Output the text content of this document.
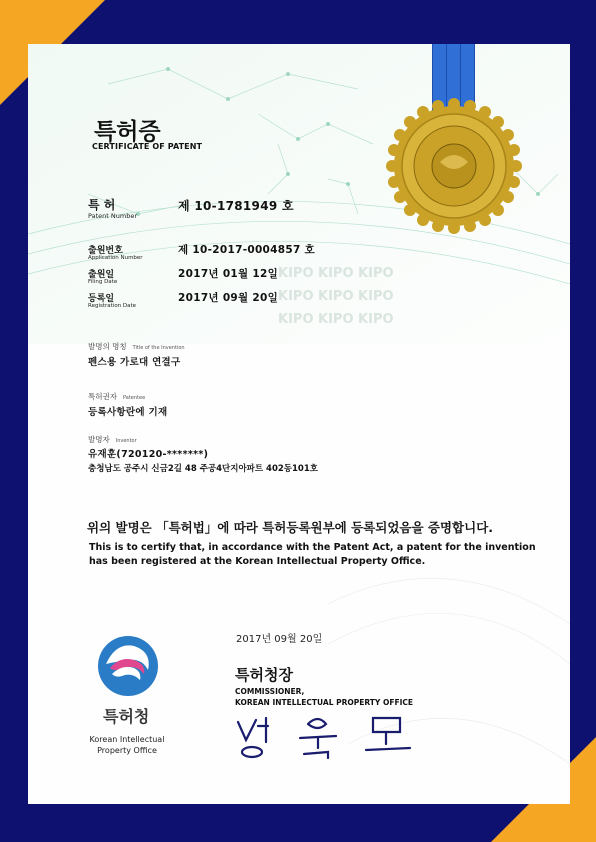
KIPO KIPO KIPO
KIPO KIPO KIPO
KIPO KIPO KIPO
특허증
CERTIFICATE OF PATENT
특 허
Patent Number
제 10-1781949 호
출원번호
Application Number
제 10-2017-0004857 호
출원일
Filing Date
2017년 01월 12일
등록일
Registration Date
2017년 09월 20일
발명의 명칭 Title of the Invention
펜스용 가로대 연결구
특허권자 Patentee
등록사항란에 기재
발명자 Inventor
유재훈(720120-*******)
충청남도 공주시 신금2길 48 주공4단지아파트 402동101호
위의 발명은 「특허법」에 따라 특허등록원부에 등록되었음을 증명합니다.
This is to certify that, in accordance with the Patent Act, a patent for the invention
has been registered at the Korean Intellectual Property Office.
2017년 09월 20일
특허청장
COMMISSIONER,
KOREAN INTELLECTUAL PROPERTY OFFICE
특허청
Korean Intellectual
Property Office
